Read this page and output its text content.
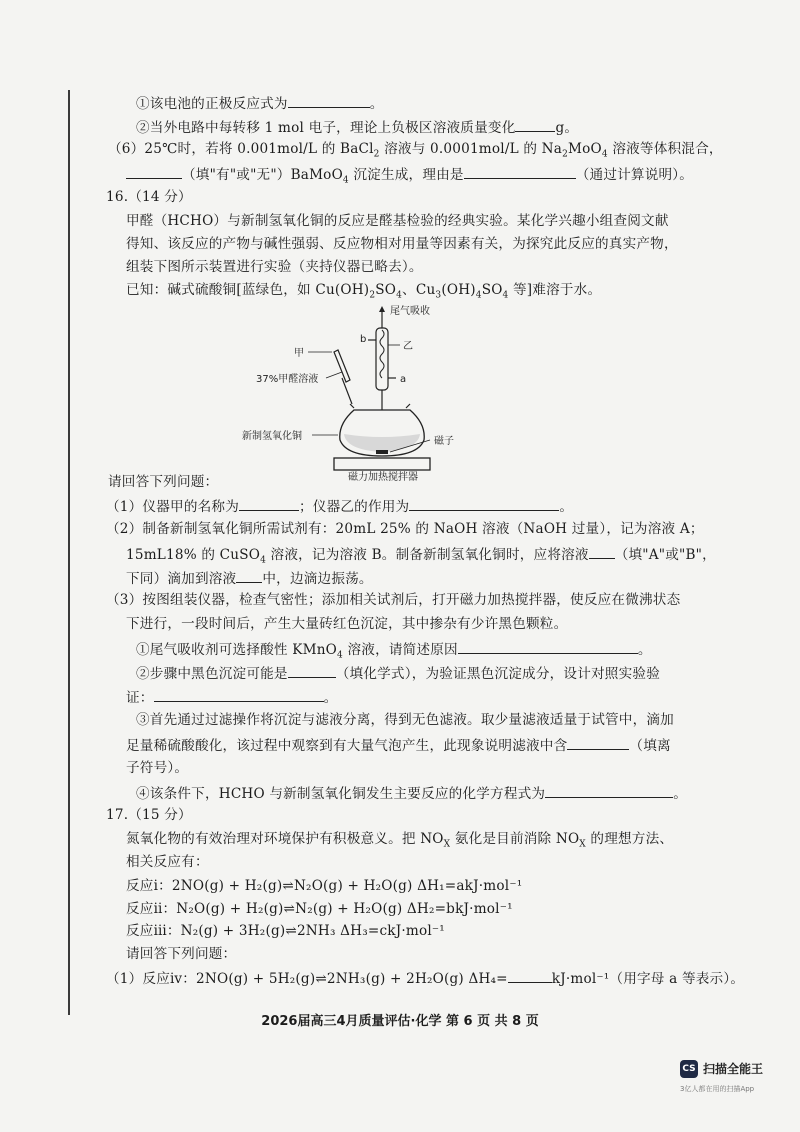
①该电池的正极反应式为	。
②当外电路中每转移 1 mol 电子，理论上负极区溶液质量变化	g。
（6）25℃时，若将 0.001mol/L 的 BaCl$_2$ 溶液与 0.0001mol/L 的 $Na_2MoO_4$ 溶液等体积混合，
（填"有"或"无"）BaMoO$_4$ 沉淀生成，理由是	（通过计算说明）。
16.（14 分）
甲醛（HCHO）与新制氢氧化铜的反应是醛基检验的经典实验。某化学兴趣小组查阅文献
得知、该反应的产物与碱性强弱、反应物相对用量等因素有关，为探究此反应的真实产物，
组装下图所示装置进行实验（夹持仪器已略去）。
已知：碱式硫酸铜[蓝绿色，如 $Cu(OH)_2SO_4$、$Cu_3(OH)_4SO_4$ 等]难溶于水。
尾气吸收
b
乙
a
甲
37%甲醛溶液
新制氢氧化铜	磁子
磁力加热搅拌器
请回答下列问题：
（1）仪器甲的名称为	；仪器乙的作用为	。
（2）制备新制氢氧化铜所需试剂有：20mL 25% 的 NaOH 溶液（NaOH 过量），记为溶液 A；
15mL18% 的 CuSO$_4$ 溶液，记为溶液 B。制备新制氢氧化铜时，应将溶液 （填"A"或"B"，
下同）滴加到溶液 中，边滴边振荡。
（3）按图组装仪器，检查气密性；添加相关试剂后，打开磁力加热搅拌器，使反应在微沸状态
下进行，一段时间后，产生大量砖红色沉淀，其中掺杂有少许黑色颗粒。
①尾气吸收剂可选择酸性 KMnO$_4$ 溶液，请简述原因	。
②步骤中黑色沉淀可能是	（填化学式），为验证黑色沉淀成分，设计对照实验验
证：	。
③首先通过过滤操作将沉淀与滤液分离，得到无色滤液。取少量滤液适量于试管中，滴加
足量稀硫酸酸化，该过程中观察到有大量气泡产生，此现象说明滤液中含	（填离
子符号）。
④该条件下，HCHO 与新制氢氧化铜发生主要反应的化学方程式为	。
17.（15 分）
氮氧化物的有效治理对环境保护有积极意义。把 $NO_X$ 氨化是目前消除 $NO_X$ 的理想方法、
相关反应有：
反应ⅰ：2NO(g) + H₂(g)⇌N₂O(g) + H₂O(g) ΔH₁=akJ·mol⁻¹
反应ⅱ：N₂O(g) + H₂(g)⇌N₂(g) + H₂O(g) ΔH₂=bkJ·mol⁻¹
反应ⅲ：N₂(g) + 3H₂(g)⇌2NH₃ ΔH₃=ckJ·mol⁻¹
请回答下列问题：
（1）反应ⅳ：2NO(g) + 5H₂(g)⇌2NH₃(g) + 2H₂O(g) ΔH₄=	kJ·mol⁻¹（用字母 a 等表示）。
2026届高三4月质量评估·化学 第 6 页 共 8 页
CS 扫描全能王
3亿人都在用的扫描App
